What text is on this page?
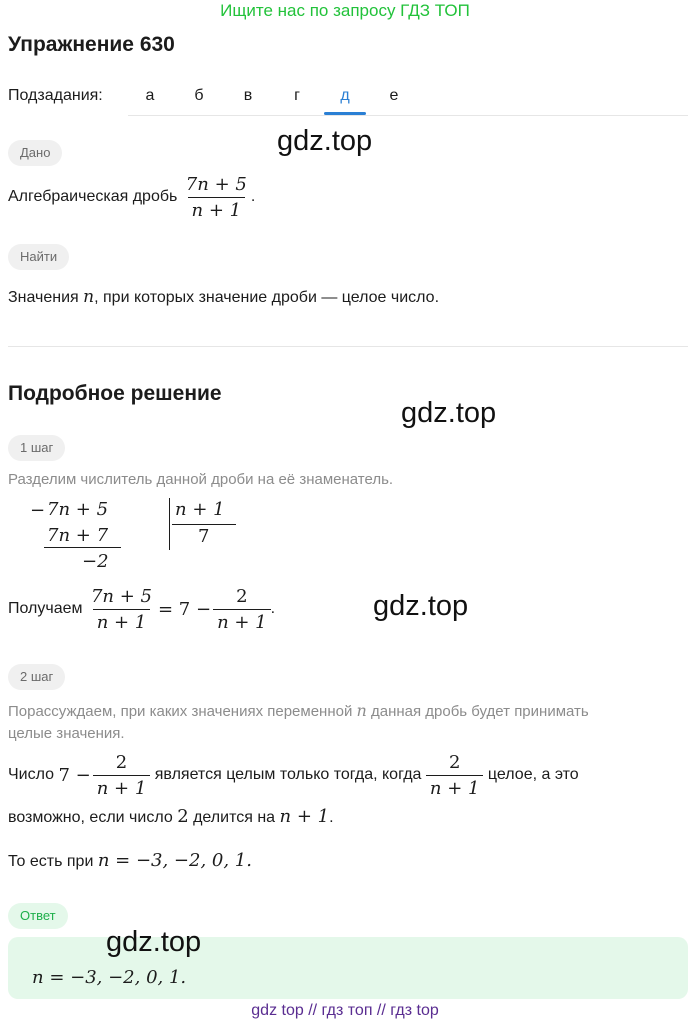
Ищите нас по запросу ГДЗ ТОП
Упражнение 630
Подзадания:	а	б	в	г	д	е
gdz.top
Дано
Алгебраическая дробь
$\frac{7n + 5}{n + 1}$ .
Найти
Значения n, при которых значение дроби — целое число.
Подробное решение
gdz.top
1 шаг
Разделим числитель данной дроби на её знаменатель.
− 7n + 5
7n + 7
−2
n + 1
7
Получаем
$\frac{7n + 5}{n + 1} = 7 - \frac{2}{n + 1}$ .	gdz.top
2 шаг
Порассуждаем, при каких значениях переменной n данная дробь будет принимать
целые значения.
Число
$7 - \frac{2}{n + 1}$
является целым только тогда, когда
$\frac{2}{n + 1}$
целое, а это
возможно, если число 2 делится на n + 1.
То есть при n = −3, −2, 0, 1.
Ответ
gdz.top
n = −3, −2, 0, 1.
gdz top // гдз топ // гдз top
